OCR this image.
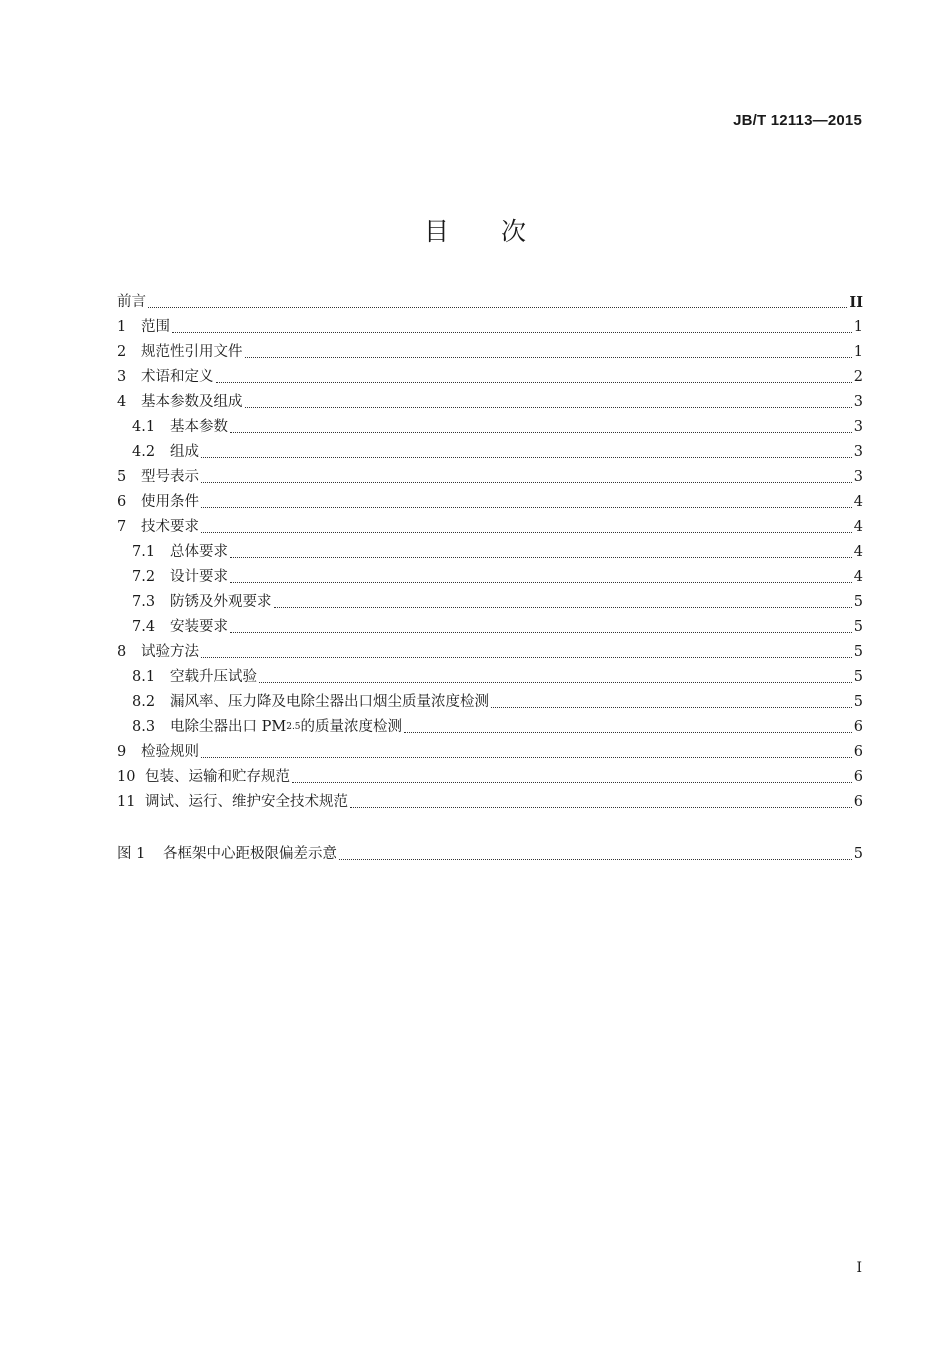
JB/T 12113—2015
目 次
前言	II
1	范围	1
2	规范性引用文件	1
3	术语和定义	2
4	基本参数及组成	3
4.1	基本参数	3
4.2	组成	3
5	型号表示	3
6	使用条件	4
7	技术要求	4
7.1	总体要求	4
7.2	设计要求	4
7.3	防锈及外观要求	5
7.4	安装要求	5
8	试验方法	5
8.1	空载升压试验	5
8.2	漏风率、压力降及电除尘器出口烟尘质量浓度检测	5
8.3	电除尘器出口 PM 2.5 的质量浓度检测	6
9	检验规则	6
10 包装、运输和贮存规范	6
11 调试、运行、维护安全技术规范	6
图 1	各框架中心距极限偏差示意	5
I
